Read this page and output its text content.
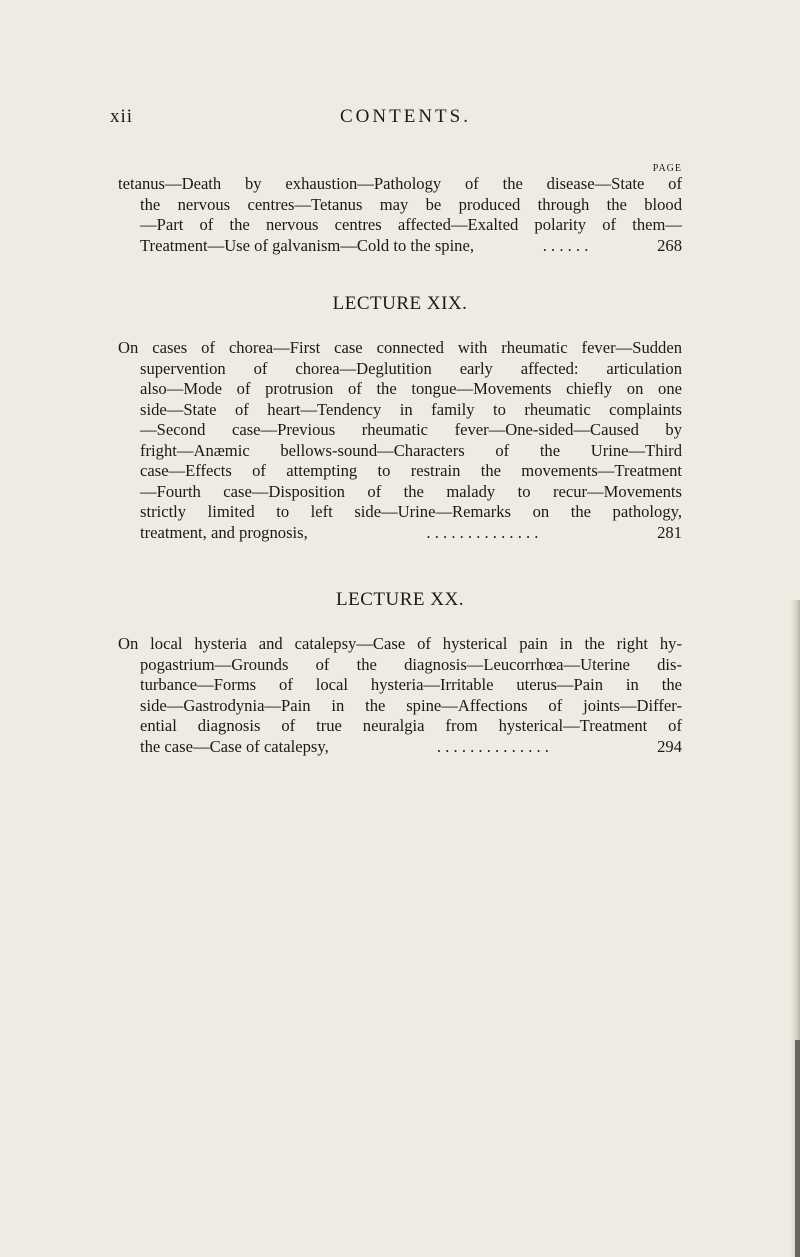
xii	CONTENTS.
PAGE
tetanus—Death by exhaustion—Pathology of the disease—State of
the nervous centres—Tetanus may be produced through the blood
—Part of the nervous centres affected—Exalted polarity of them—
Treatment—Use of galvanism—Cold to the spine,	. . . . . .	268
LECTURE XIX.
On cases of chorea—First case connected with rheumatic fever—Sudden
supervention of chorea—Deglutition early affected: articulation
also—Mode of protrusion of the tongue—Movements chiefly on one
side—State of heart—Tendency in family to rheumatic complaints
—Second case—Previous rheumatic fever—One-sided—Caused by
fright—Anæmic bellows-sound—Characters of the Urine—Third
case—Effects of attempting to restrain the movements—Treatment
—Fourth case—Disposition of the malady to recur—Movements
strictly limited to left side—Urine—Remarks on the pathology,
treatment, and prognosis,	. . . . . . . . . . . . . .	281
LECTURE XX.
On local hysteria and catalepsy—Case of hysterical pain in the right hy-
pogastrium—Grounds of the diagnosis—Leucorrhœa—Uterine dis-
turbance—Forms of local hysteria—Irritable uterus—Pain in the
side—Gastrodynia—Pain in the spine—Affections of joints—Differ-
ential diagnosis of true neuralgia from hysterical—Treatment of
the case—Case of catalepsy,	. . . . . . . . . . . . . .	294
